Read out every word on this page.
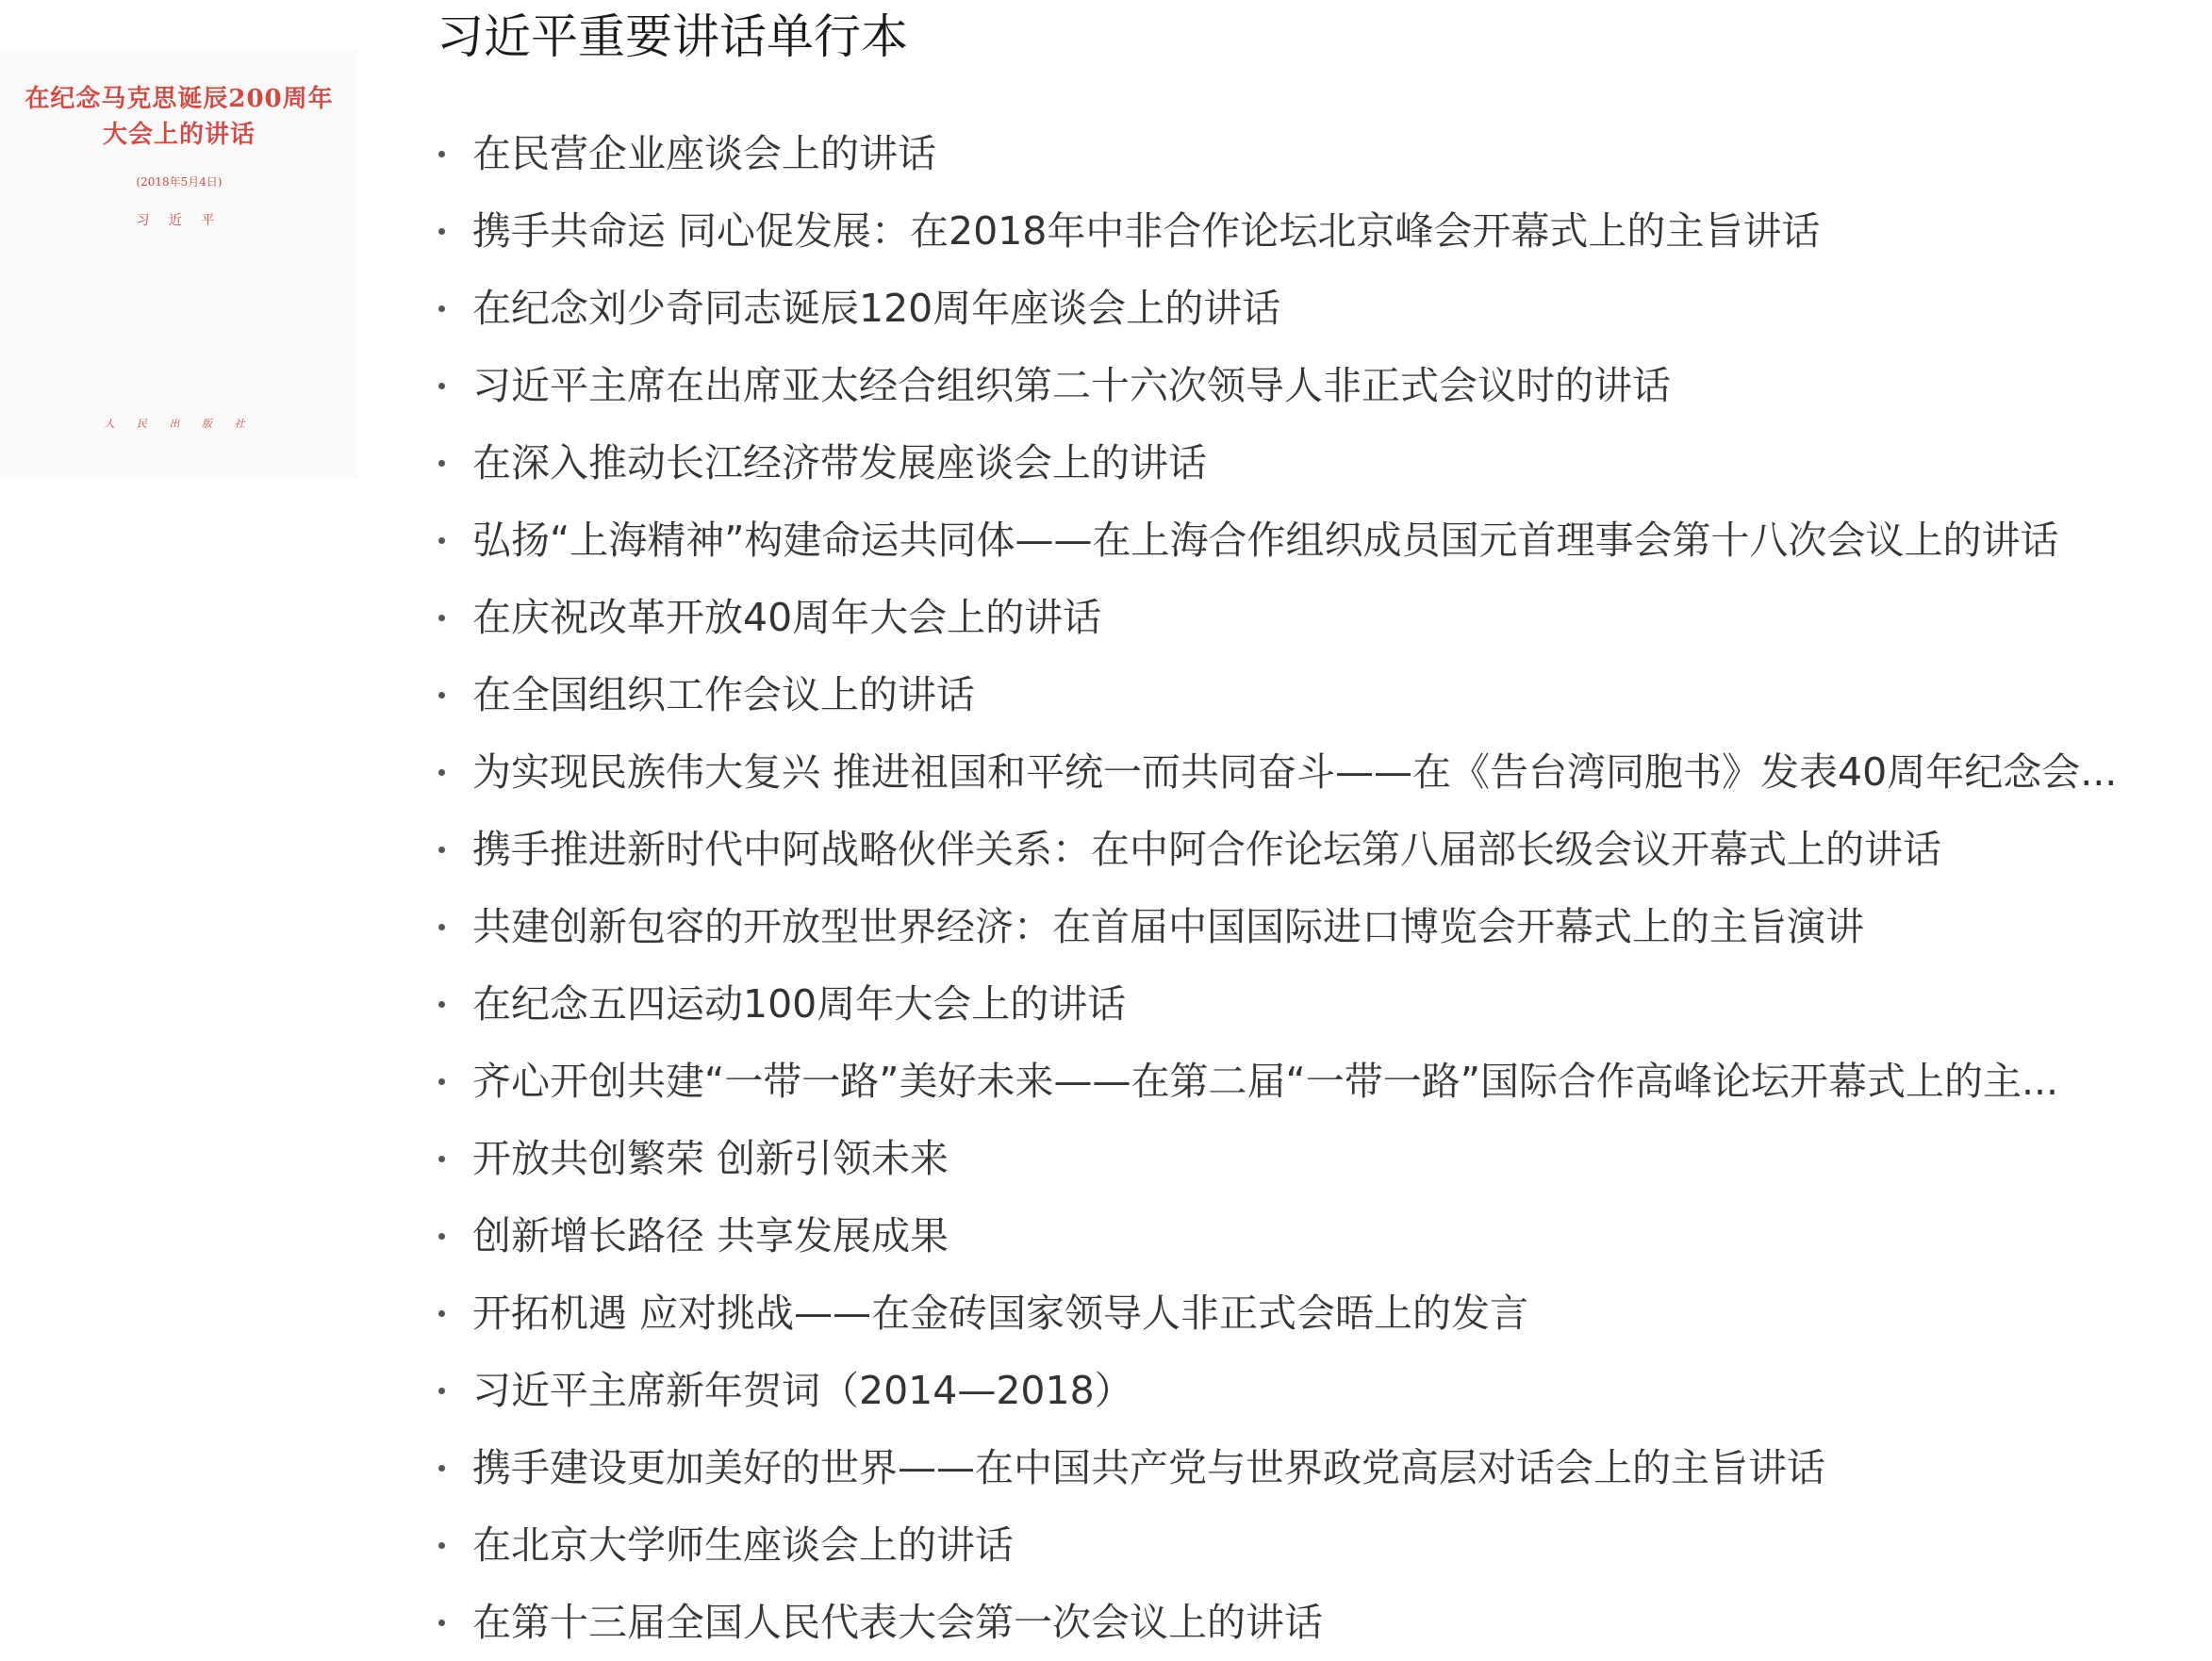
在纪念马克思诞辰200周年
大会上的讲话
(2018年5月4日)
习 近 平
人 民 出 版 社
习近平重要讲话单行本
在民营企业座谈会上的讲话
携手共命运 同心促发展：在2018年中非合作论坛北京峰会开幕式上的主旨讲话
在纪念刘少奇同志诞辰120周年座谈会上的讲话
习近平主席在出席亚太经合组织第二十六次领导人非正式会议时的讲话
在深入推动长江经济带发展座谈会上的讲话
弘扬“上海精神”构建命运共同体——在上海合作组织成员国元首理事会第十八次会议上的讲话
在庆祝改革开放40周年大会上的讲话
在全国组织工作会议上的讲话
为实现民族伟大复兴 推进祖国和平统一而共同奋斗——在《告台湾同胞书》发表40周年纪念会...
携手推进新时代中阿战略伙伴关系：在中阿合作论坛第八届部长级会议开幕式上的讲话
共建创新包容的开放型世界经济：在首届中国国际进口博览会开幕式上的主旨演讲
在纪念五四运动100周年大会上的讲话
齐心开创共建“一带一路”美好未来——在第二届“一带一路”国际合作高峰论坛开幕式上的主...
开放共创繁荣 创新引领未来
创新增长路径 共享发展成果
开拓机遇 应对挑战——在金砖国家领导人非正式会晤上的发言
习近平主席新年贺词（2014—2018）
携手建设更加美好的世界——在中国共产党与世界政党高层对话会上的主旨讲话
在北京大学师生座谈会上的讲话
在第十三届全国人民代表大会第一次会议上的讲话
